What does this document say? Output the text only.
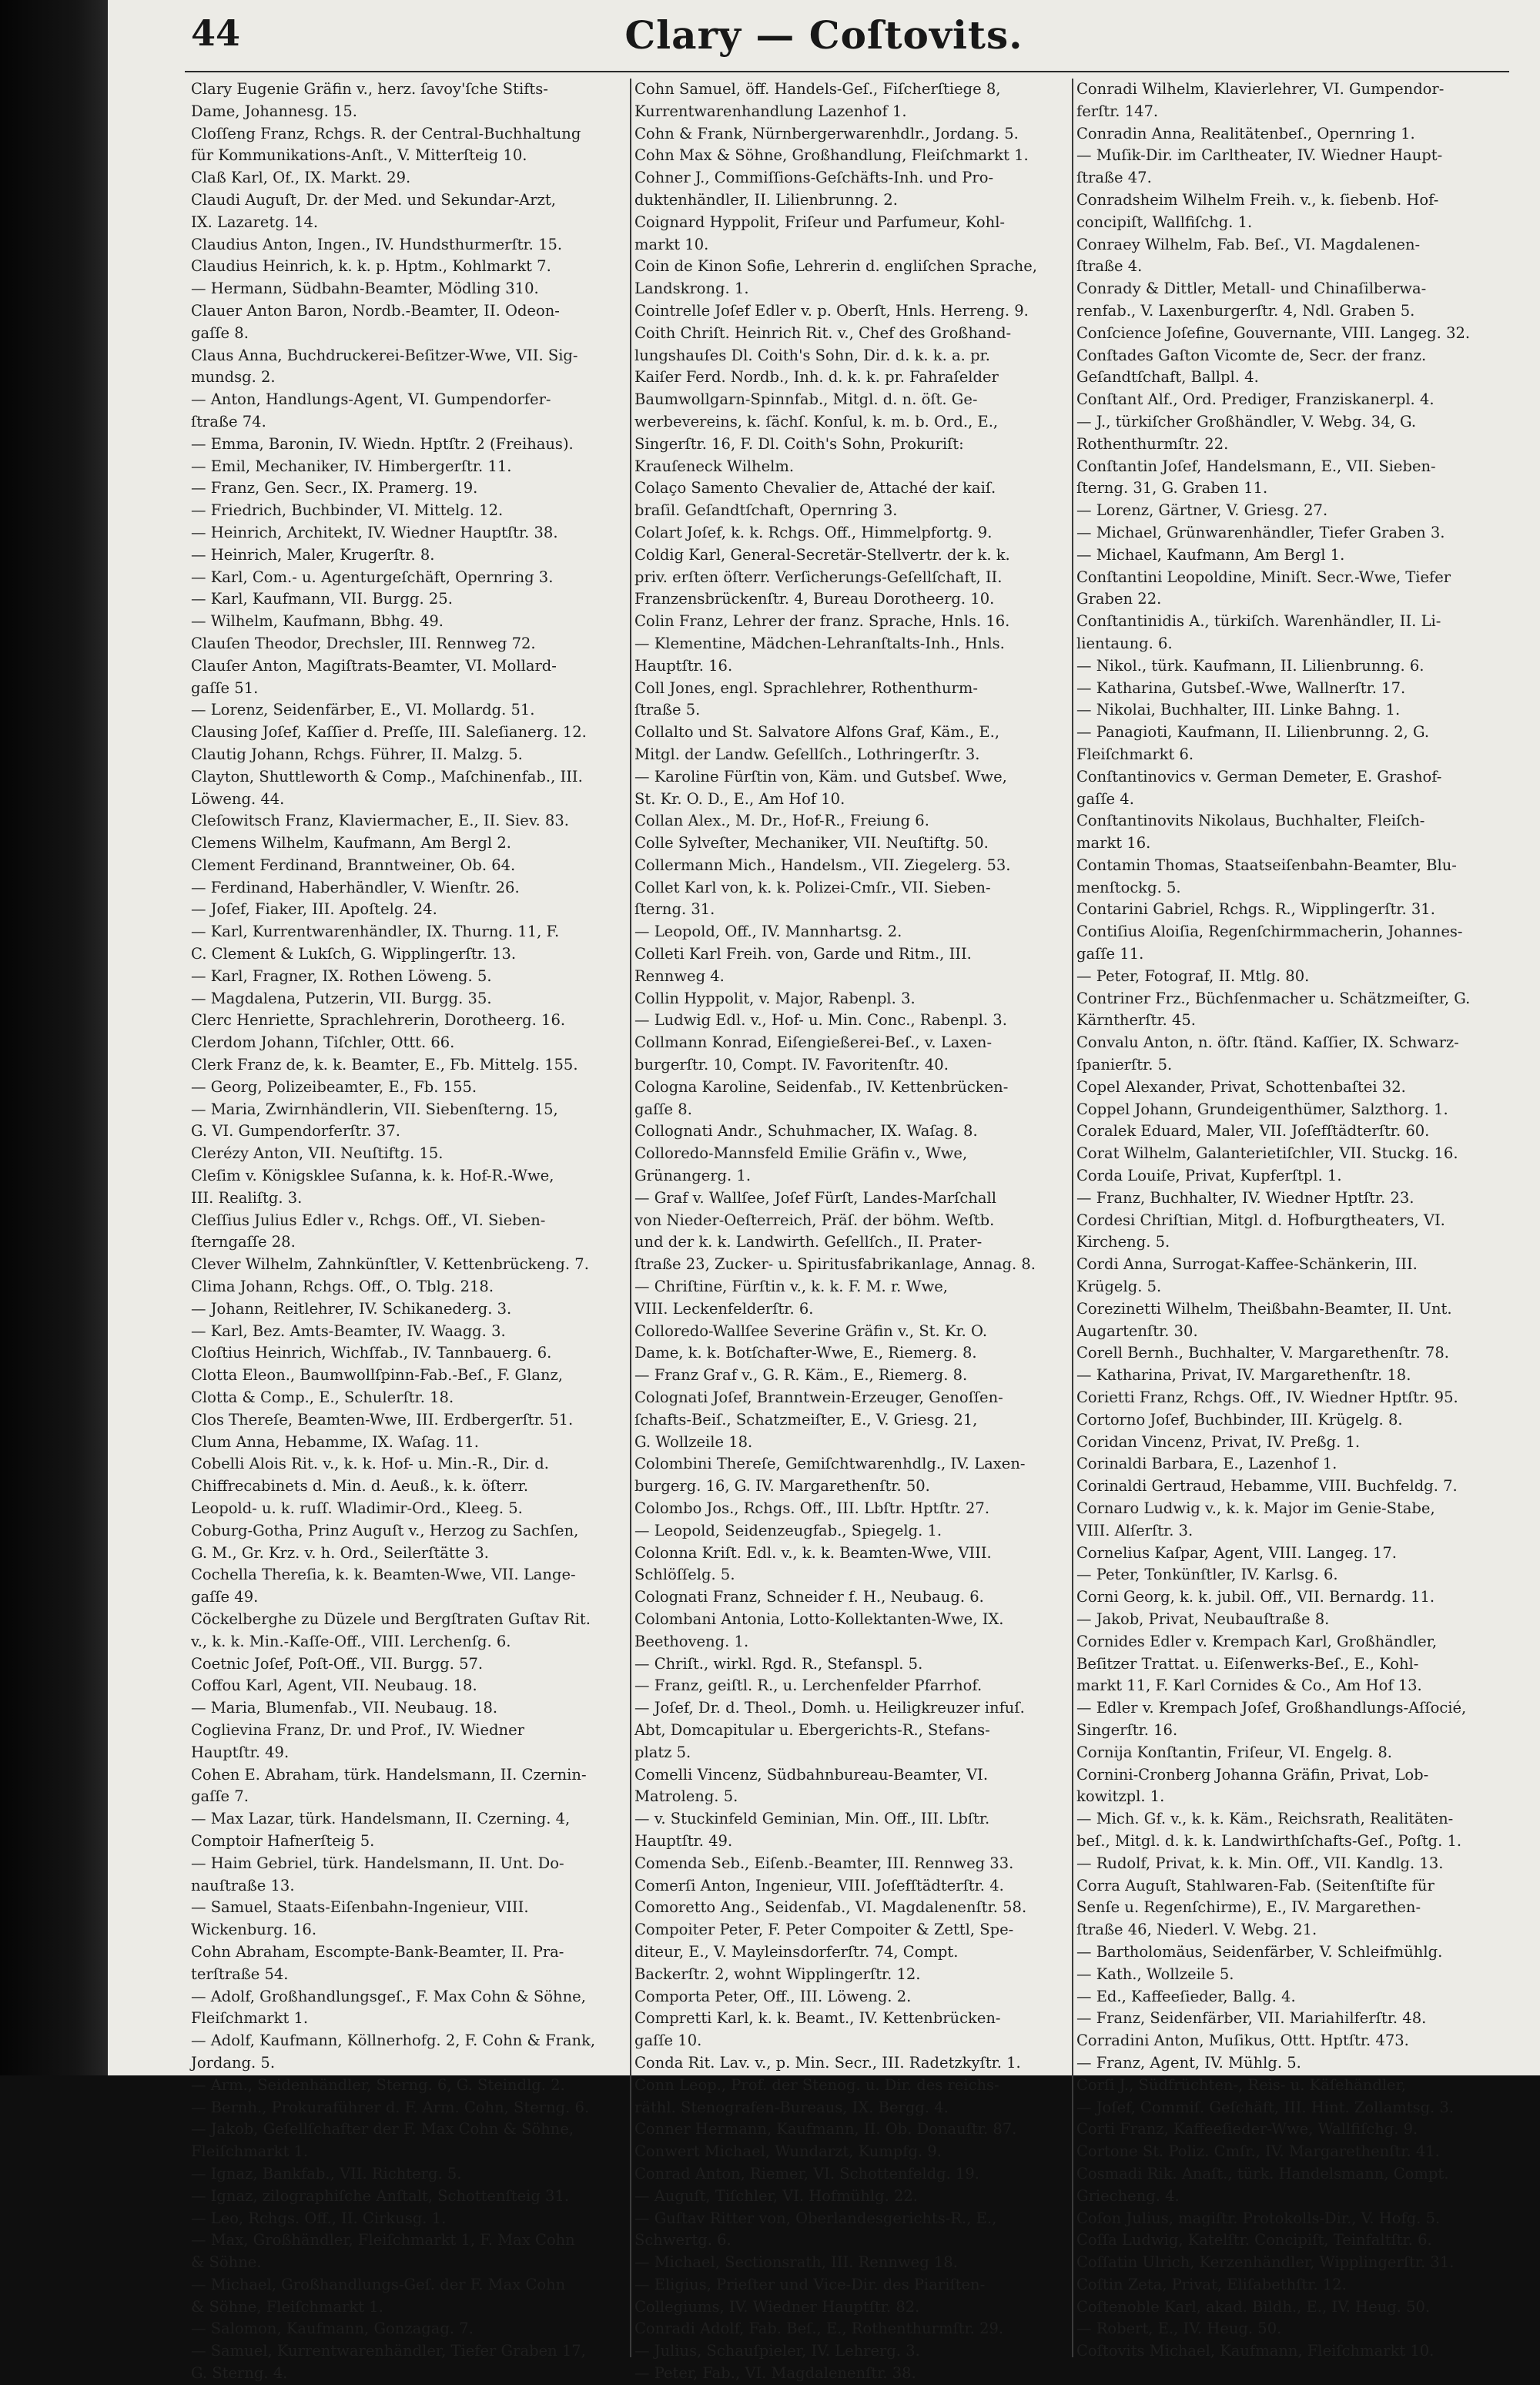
44	Clary — Coſtovits.
Clary Eugenie Gräfin v., herz. ſavoy'ſche Stifts-
Dame, Johannesg. 15.
Cloſſeng Franz, Rchgs. R. der Central-Buchhaltung
für Kommunikations-Anſt., V. Mitterſteig 10.
Claß Karl, Of., IX. Markt. 29.
Claudi Auguſt, Dr. der Med. und Sekundar-Arzt,
IX. Lazaretg. 14.
Claudius Anton, Ingen., IV. Hundsthurmerſtr. 15.
Claudius Heinrich, k. k. p. Hptm., Kohlmarkt 7.
— Hermann, Südbahn-Beamter, Mödling 310.
Clauer Anton Baron, Nordb.-Beamter, II. Odeon-
gaſſe 8.
Claus Anna, Buchdruckerei-Beſitzer-Wwe, VII. Sig-
mundsg. 2.
— Anton, Handlungs-Agent, VI. Gumpendorfer-
ſtraße 74.
— Emma, Baronin, IV. Wiedn. Hptſtr. 2 (Freihaus).
— Emil, Mechaniker, IV. Himbergerſtr. 11.
— Franz, Gen. Secr., IX. Pramerg. 19.
— Friedrich, Buchbinder, VI. Mittelg. 12.
— Heinrich, Architekt, IV. Wiedner Hauptſtr. 38.
— Heinrich, Maler, Krugerſtr. 8.
— Karl, Com.- u. Agenturgeſchäft, Opernring 3.
— Karl, Kaufmann, VII. Burgg. 25.
— Wilhelm, Kaufmann, Bbhg. 49.
Clauſen Theodor, Drechsler, III. Rennweg 72.
Clauſer Anton, Magiſtrats-Beamter, VI. Mollard-
gaſſe 51.
— Lorenz, Seidenfärber, E., VI. Mollardg. 51.
Clausing Joſef, Kaſſier d. Preſſe, III. Saleſianerg. 12.
Clautig Johann, Rchgs. Führer, II. Malzg. 5.
Clayton, Shuttleworth & Comp., Maſchinenfab., III.
Löweng. 44.
Cleſowitsch Franz, Klaviermacher, E., II. Siev. 83.
Clemens Wilhelm, Kaufmann, Am Bergl 2.
Clement Ferdinand, Branntweiner, Ob. 64.
— Ferdinand, Haberhändler, V. Wienſtr. 26.
— Joſef, Fiaker, III. Apoſtelg. 24.
— Karl, Kurrentwarenhändler, IX. Thurng. 11, F.
C. Clement & Lukſch, G. Wipplingerſtr. 13.
— Karl, Fragner, IX. Rothen Löweng. 5.
— Magdalena, Putzerin, VII. Burgg. 35.
Clerc Henriette, Sprachlehrerin, Dorotheerg. 16.
Clerdom Johann, Tiſchler, Ottt. 66.
Clerk Franz de, k. k. Beamter, E., Fb. Mittelg. 155.
— Georg, Polizeibeamter, E., Fb. 155.
— Maria, Zwirnhändlerin, VII. Siebenſterng. 15,
G. VI. Gumpendorferſtr. 37.
Clerézy Anton, VII. Neuſtiftg. 15.
Cleſim v. Königsklee Suſanna, k. k. Hof-R.-Wwe,
III. Realiſtg. 3.
Cleſſius Julius Edler v., Rchgs. Off., VI. Sieben-
ſterngaſſe 28.
Clever Wilhelm, Zahnkünſtler, V. Kettenbrückeng. 7.
Clima Johann, Rchgs. Off., O. Tblg. 218.
— Johann, Reitlehrer, IV. Schikanederg. 3.
— Karl, Bez. Amts-Beamter, IV. Waagg. 3.
Cloſtius Heinrich, Wichſfab., IV. Tannbauerg. 6.
Clotta Eleon., Baumwollſpinn-Fab.-Beſ., F. Glanz,
Clotta & Comp., E., Schulerſtr. 18.
Clos Thereſe, Beamten-Wwe, III. Erdbergerſtr. 51.
Clum Anna, Hebamme, IX. Waſag. 11.
Cobelli Alois Rit. v., k. k. Hof- u. Min.-R., Dir. d.
Chiffrecabinets d. Min. d. Aeuß., k. k. öſterr.
Leopold- u. k. ruſſ. Wladimir-Ord., Kleeg. 5.
Coburg-Gotha, Prinz Auguſt v., Herzog zu Sachſen,
G. M., Gr. Krz. v. h. Ord., Seilerſtätte 3.
Cochella Thereſia, k. k. Beamten-Wwe, VII. Lange-
gaſſe 49.
Cöckelberghe zu Düzele und Bergſtraten Guſtav Rit.
v., k. k. Min.-Kaſſe-Off., VIII. Lerchenſg. 6.
Coetnic Joſef, Poſt-Off., VII. Burgg. 57.
Coffou Karl, Agent, VII. Neubaug. 18.
— Maria, Blumenfab., VII. Neubaug. 18.
Coglievina Franz, Dr. und Prof., IV. Wiedner
Hauptſtr. 49.
Cohen E. Abraham, türk. Handelsmann, II. Czernin-
gaſſe 7.
— Max Lazar, türk. Handelsmann, II. Czerning. 4,
Comptoir Hafnerſteig 5.
— Haim Gebriel, türk. Handelsmann, II. Unt. Do-
nauſtraße 13.
— Samuel, Staats-Eiſenbahn-Ingenieur, VIII.
Wickenburg. 16.
Cohn Abraham, Escompte-Bank-Beamter, II. Pra-
terſtraße 54.
— Adolf, Großhandlungsgeſ., F. Max Cohn & Söhne,
Fleiſchmarkt 1.
— Adolf, Kaufmann, Köllnerhofg. 2, F. Cohn & Frank,
Jordang. 5.
— Arm., Seidenhändler, Sterng. 6, G. Steindlg. 2.
— Bernh., Prokuraführer d. F. Arm. Cohn, Sterng. 6.
— Jakob, Geſellſchafter der F. Max Cohn & Söhne,
Fleiſchmarkt 1.
— Ignaz, Bankfab., VII. Richterg. 5.
— Ignaz, zilographiſche Anſtalt, Schottenſteig 31.
— Leo, Rchgs. Off., II. Cirkusg. 1.
— Max, Großhändler, Fleiſchmarkt 1, F. Max Cohn
& Söhne.
— Michael, Großhandlungs-Geſ. der F. Max Cohn
& Söhne, Fleiſchmarkt 1.
— Salomon, Kaufmann, Gonzagag. 7.
— Samuel, Kurrentwarenhändler, Tiefer Graben 17,
G. Sterng. 4.
Cohn Samuel, öff. Handels-Geſ., Fiſcherſtiege 8,
Kurrentwarenhandlung Lazenhof 1.
Cohn & Frank, Nürnbergerwarenhdlr., Jordang. 5.
Cohn Max & Söhne, Großhandlung, Fleiſchmarkt 1.
Cohner J., Commiſſions-Geſchäfts-Inh. und Pro-
duktenhändler, II. Lilienbrunng. 2.
Coignard Hyppolit, Friſeur und Parfumeur, Kohl-
markt 10.
Coin de Kinon Sofie, Lehrerin d. engliſchen Sprache,
Landskrong. 1.
Cointrelle Joſef Edler v. p. Oberſt, Hnls. Herreng. 9.
Coith Chriſt. Heinrich Rit. v., Chef des Großhand-
lungshauſes Dl. Coith's Sohn, Dir. d. k. k. a. pr.
Kaiſer Ferd. Nordb., Inh. d. k. k. pr. Fahraſelder
Baumwollgarn-Spinnfab., Mitgl. d. n. öſt. Ge-
werbevereins, k. ſächſ. Konſul, k. m. b. Ord., E.,
Singerſtr. 16, F. Dl. Coith's Sohn, Prokuriſt:
Krauſeneck Wilhelm.
Colaço Samento Chevalier de, Attaché der kaiſ.
braſil. Geſandtſchaft, Opernring 3.
Colart Joſef, k. k. Rchgs. Off., Himmelpfortg. 9.
Coldig Karl, General-Secretär-Stellvertr. der k. k.
priv. erſten öſterr. Verſicherungs-Geſellſchaft, II.
Franzensbrückenſtr. 4, Bureau Dorotheerg. 10.
Colin Franz, Lehrer der franz. Sprache, Hnls. 16.
— Klementine, Mädchen-Lehranſtalts-Inh., Hnls.
Hauptſtr. 16.
Coll Jones, engl. Sprachlehrer, Rothenthurm-
ſtraße 5.
Collalto und St. Salvatore Alfons Graf, Käm., E.,
Mitgl. der Landw. Geſellſch., Lothringerſtr. 3.
— Karoline Fürſtin von, Käm. und Gutsbeſ. Wwe,
St. Kr. O. D., E., Am Hof 10.
Collan Alex., M. Dr., Hof-R., Freiung 6.
Colle Sylveſter, Mechaniker, VII. Neuſtiftg. 50.
Collermann Mich., Handelsm., VII. Ziegelerg. 53.
Collet Karl von, k. k. Polizei-Cmſr., VII. Sieben-
ſterng. 31.
— Leopold, Off., IV. Mannhartsg. 2.
Colleti Karl Freih. von, Garde und Ritm., III.
Rennweg 4.
Collin Hyppolit, v. Major, Rabenpl. 3.
— Ludwig Edl. v., Hof- u. Min. Conc., Rabenpl. 3.
Collmann Konrad, Eiſengießerei-Beſ., v. Laxen-
burgerſtr. 10, Compt. IV. Favoritenſtr. 40.
Cologna Karoline, Seidenfab., IV. Kettenbrücken-
gaſſe 8.
Collognati Andr., Schuhmacher, IX. Waſag. 8.
Colloredo-Mannsfeld Emilie Gräfin v., Wwe,
Grünangerg. 1.
— Graf v. Wallſee, Joſef Fürſt, Landes-Marſchall
von Nieder-Oeſterreich, Präſ. der böhm. Weſtb.
und der k. k. Landwirth. Geſellſch., II. Prater-
ſtraße 23, Zucker- u. Spiritusfabrikanlage, Annag. 8.
— Chriſtine, Fürſtin v., k. k. F. M. r. Wwe,
VIII. Leckenfelderſtr. 6.
Colloredo-Wallſee Severine Gräfin v., St. Kr. O.
Dame, k. k. Botſchafter-Wwe, E., Riemerg. 8.
— Franz Graf v., G. R. Käm., E., Riemerg. 8.
Colognati Joſef, Branntwein-Erzeuger, Genoſſen-
ſchafts-Beiſ., Schatzmeiſter, E., V. Griesg. 21,
G. Wollzeile 18.
Colombini Thereſe, Gemiſchtwarenhdlg., IV. Laxen-
burgerg. 16, G. IV. Margarethenſtr. 50.
Colombo Jos., Rchgs. Off., III. Lbſtr. Hptſtr. 27.
— Leopold, Seidenzeugfab., Spiegelg. 1.
Colonna Kriſt. Edl. v., k. k. Beamten-Wwe, VIII.
Schlöſſelg. 5.
Colognati Franz, Schneider f. H., Neubaug. 6.
Colombani Antonia, Lotto-Kollektanten-Wwe, IX.
Beethoveng. 1.
— Chriſt., wirkl. Rgd. R., Stefanspl. 5.
— Franz, geiſtl. R., u. Lerchenfelder Pfarrhof.
— Joſef, Dr. d. Theol., Domh. u. Heiligkreuzer infuſ.
Abt, Domcapitular u. Ebergerichts-R., Stefans-
platz 5.
Comelli Vincenz, Südbahnbureau-Beamter, VI.
Matroleng. 5.
— v. Stuckinfeld Geminian, Min. Off., III. Lbſtr.
Hauptſtr. 49.
Comenda Seb., Eiſenb.-Beamter, III. Rennweg 33.
Comerſi Anton, Ingenieur, VIII. Joſefſtädterſtr. 4.
Comoretto Ang., Seidenfab., VI. Magdalenenſtr. 58.
Compoiter Peter, F. Peter Compoiter & Zettl, Spe-
diteur, E., V. Mayleinsdorferſtr. 74, Compt.
Backerſtr. 2, wohnt Wipplingerſtr. 12.
Comporta Peter, Off., III. Löweng. 2.
Compretti Karl, k. k. Beamt., IV. Kettenbrücken-
gaſſe 10.
Conda Rit. Lav. v., p. Min. Secr., III. Radetzkyſtr. 1.
Conn Leop., Prof. der Stenog. u. Dir. des reichs-
räthl. Stenografen-Bureaus, IX. Bergg. 4.
Conner Hermann, Kaufmann, II. Ob. Donauſtr. 87.
Conwert Michael, Wundarzt, Kumpfg. 9.
Conrad Anton, Riemer, VI. Schottenfeldg. 19.
— Auguſt, Tiſchler, VI. Hofmühlg. 22.
— Guſtav Ritter von, Oberlandesgerichts-R., E.,
Schwertg. 6.
— Michael, Sectionsrath, III. Rennweg 18.
— Eligius, Prieſter und Vice-Dir. des Piariſten-
Collegiums, IV. Wiedner Hauptſtr. 82.
Conradi Adolf, Fab. Beſ., E., Rothenthurmſtr. 29.
— Julius, Schauſpieler, IV. Lehrerg. 3.
— Peter, Fab., VI. Magdalenenſtr. 38.
Conradi Wilhelm, Klavierlehrer, VI. Gumpendor-
ferſtr. 147.
Conradin Anna, Realitätenbeſ., Opernring 1.
— Muſik-Dir. im Carltheater, IV. Wiedner Haupt-
ſtraße 47.
Conradsheim Wilhelm Freih. v., k. ſiebenb. Hof-
concipiſt, Wallfiſchg. 1.
Conraey Wilhelm, Fab. Beſ., VI. Magdalenen-
ſtraße 4.
Conrady & Dittler, Metall- und Chinaſilberwa-
renfab., V. Laxenburgerſtr. 4, Ndl. Graben 5.
Conſcience Joſefine, Gouvernante, VIII. Langeg. 32.
Conſtades Gaſton Vicomte de, Secr. der franz.
Geſandtſchaft, Ballpl. 4.
Conſtant Alf., Ord. Prediger, Franziskanerpl. 4.
— J., türkiſcher Großhändler, V. Webg. 34, G.
Rothenthurmſtr. 22.
Conſtantin Joſef, Handelsmann, E., VII. Sieben-
ſterng. 31, G. Graben 11.
— Lorenz, Gärtner, V. Griesg. 27.
— Michael, Grünwarenhändler, Tiefer Graben 3.
— Michael, Kaufmann, Am Bergl 1.
Conſtantini Leopoldine, Miniſt. Secr.-Wwe, Tiefer
Graben 22.
Conſtantinidis A., türkiſch. Warenhändler, II. Li-
lientaung. 6.
— Nikol., türk. Kaufmann, II. Lilienbrunng. 6.
— Katharina, Gutsbeſ.-Wwe, Wallnerſtr. 17.
— Nikolai, Buchhalter, III. Linke Bahng. 1.
— Panagioti, Kaufmann, II. Lilienbrunng. 2, G.
Fleiſchmarkt 6.
Conſtantinovics v. German Demeter, E. Grashof-
gaſſe 4.
Conſtantinovits Nikolaus, Buchhalter, Fleiſch-
markt 16.
Contamin Thomas, Staatseiſenbahn-Beamter, Blu-
menſtockg. 5.
Contarini Gabriel, Rchgs. R., Wipplingerſtr. 31.
Contiſius Aloiſia, Regenſchirmmacherin, Johannes-
gaſſe 11.
— Peter, Fotograf, II. Mtlg. 80.
Contriner Frz., Büchſenmacher u. Schätzmeiſter, G.
Kärntherſtr. 45.
Convalu Anton, n. öſtr. ſtänd. Kaſſier, IX. Schwarz-
ſpanierſtr. 5.
Copel Alexander, Privat, Schottenbaſtei 32.
Coppel Johann, Grundeigenthümer, Salzthorg. 1.
Coralek Eduard, Maler, VII. Joſefſtädterſtr. 60.
Corat Wilhelm, Galanterietiſchler, VII. Stuckg. 16.
Corda Louiſe, Privat, Kupferſtpl. 1.
— Franz, Buchhalter, IV. Wiedner Hptſtr. 23.
Cordesi Chriſtian, Mitgl. d. Hofburgtheaters, VI.
Kircheng. 5.
Cordi Anna, Surrogat-Kaffee-Schänkerin, III.
Krügelg. 5.
Corezinetti Wilhelm, Theißbahn-Beamter, II. Unt.
Augartenſtr. 30.
Corell Bernh., Buchhalter, V. Margarethenſtr. 78.
— Katharina, Privat, IV. Margarethenſtr. 18.
Corietti Franz, Rchgs. Off., IV. Wiedner Hptſtr. 95.
Cortorno Joſef, Buchbinder, III. Krügelg. 8.
Coridan Vincenz, Privat, IV. Preßg. 1.
Corinaldi Barbara, E., Lazenhof 1.
Corinaldi Gertraud, Hebamme, VIII. Buchfeldg. 7.
Cornaro Ludwig v., k. k. Major im Genie-Stabe,
VIII. Alſerſtr. 3.
Cornelius Kaſpar, Agent, VIII. Langeg. 17.
— Peter, Tonkünſtler, IV. Karlsg. 6.
Corni Georg, k. k. jubil. Off., VII. Bernardg. 11.
— Jakob, Privat, Neubauſtraße 8.
Cornides Edler v. Krempach Karl, Großhändler,
Beſitzer Trattat. u. Eiſenwerks-Beſ., E., Kohl-
markt 11, F. Karl Cornides & Co., Am Hof 13.
— Edler v. Krempach Joſef, Großhandlungs-Aſſocié,
Singerſtr. 16.
Cornija Konſtantin, Friſeur, VI. Engelg. 8.
Cornini-Cronberg Johanna Gräfin, Privat, Lob-
kowitzpl. 1.
— Mich. Gf. v., k. k. Käm., Reichsrath, Realitäten-
beſ., Mitgl. d. k. k. Landwirthſchafts-Geſ., Poſtg. 1.
— Rudolf, Privat, k. k. Min. Off., VII. Kandlg. 13.
Corra Auguſt, Stahlwaren-Fab. (Seitenſtiſte für
Senſe u. Regenſchirme), E., IV. Margarethen-
ſtraße 46, Niederl. V. Webg. 21.
— Bartholomäus, Seidenfärber, V. Schleifmühlg.
— Kath., Wollzeile 5.
— Ed., Kaffeeſieder, Ballg. 4.
— Franz, Seidenfärber, VII. Mariahilferſtr. 48.
Corradini Anton, Muſikus, Ottt. Hptſtr. 473.
— Franz, Agent, IV. Mühlg. 5.
Corſi J., Südfrüchten-, Reis- u. Käſehändler,
— Joſef, Commiſ. Geſchäft, III. Hint. Zollamtsg. 3.
Corti Franz, Kaffeeſieder-Wwe, Wallfiſchg. 9.
Cortone St. Poliz. Cmſr., IV. Margarethenſtr. 41.
Cosmadi Rik. Anaſt., türk. Handelsmann, Compt.
Griecheng. 4.
Coſon Julius, magiſtr. Protokolls-Dir., V. Hofg. 5.
Coſſa Ludwig, Katelſtr. Concipiſt, Teinfaltſtr. 6.
Coſſatin Ulrich, Kerzenhändler, Wipplingerſtr. 31.
Coſtin Zeta, Privat, Eliſabethſtr. 12.
Coſtenoble Karl, akad. Bildh., E., IV. Heug. 50.
— Robert, E., IV. Heug. 50.
Coſtovits Michael, Kaufmann, Fleiſchmarkt 10.
